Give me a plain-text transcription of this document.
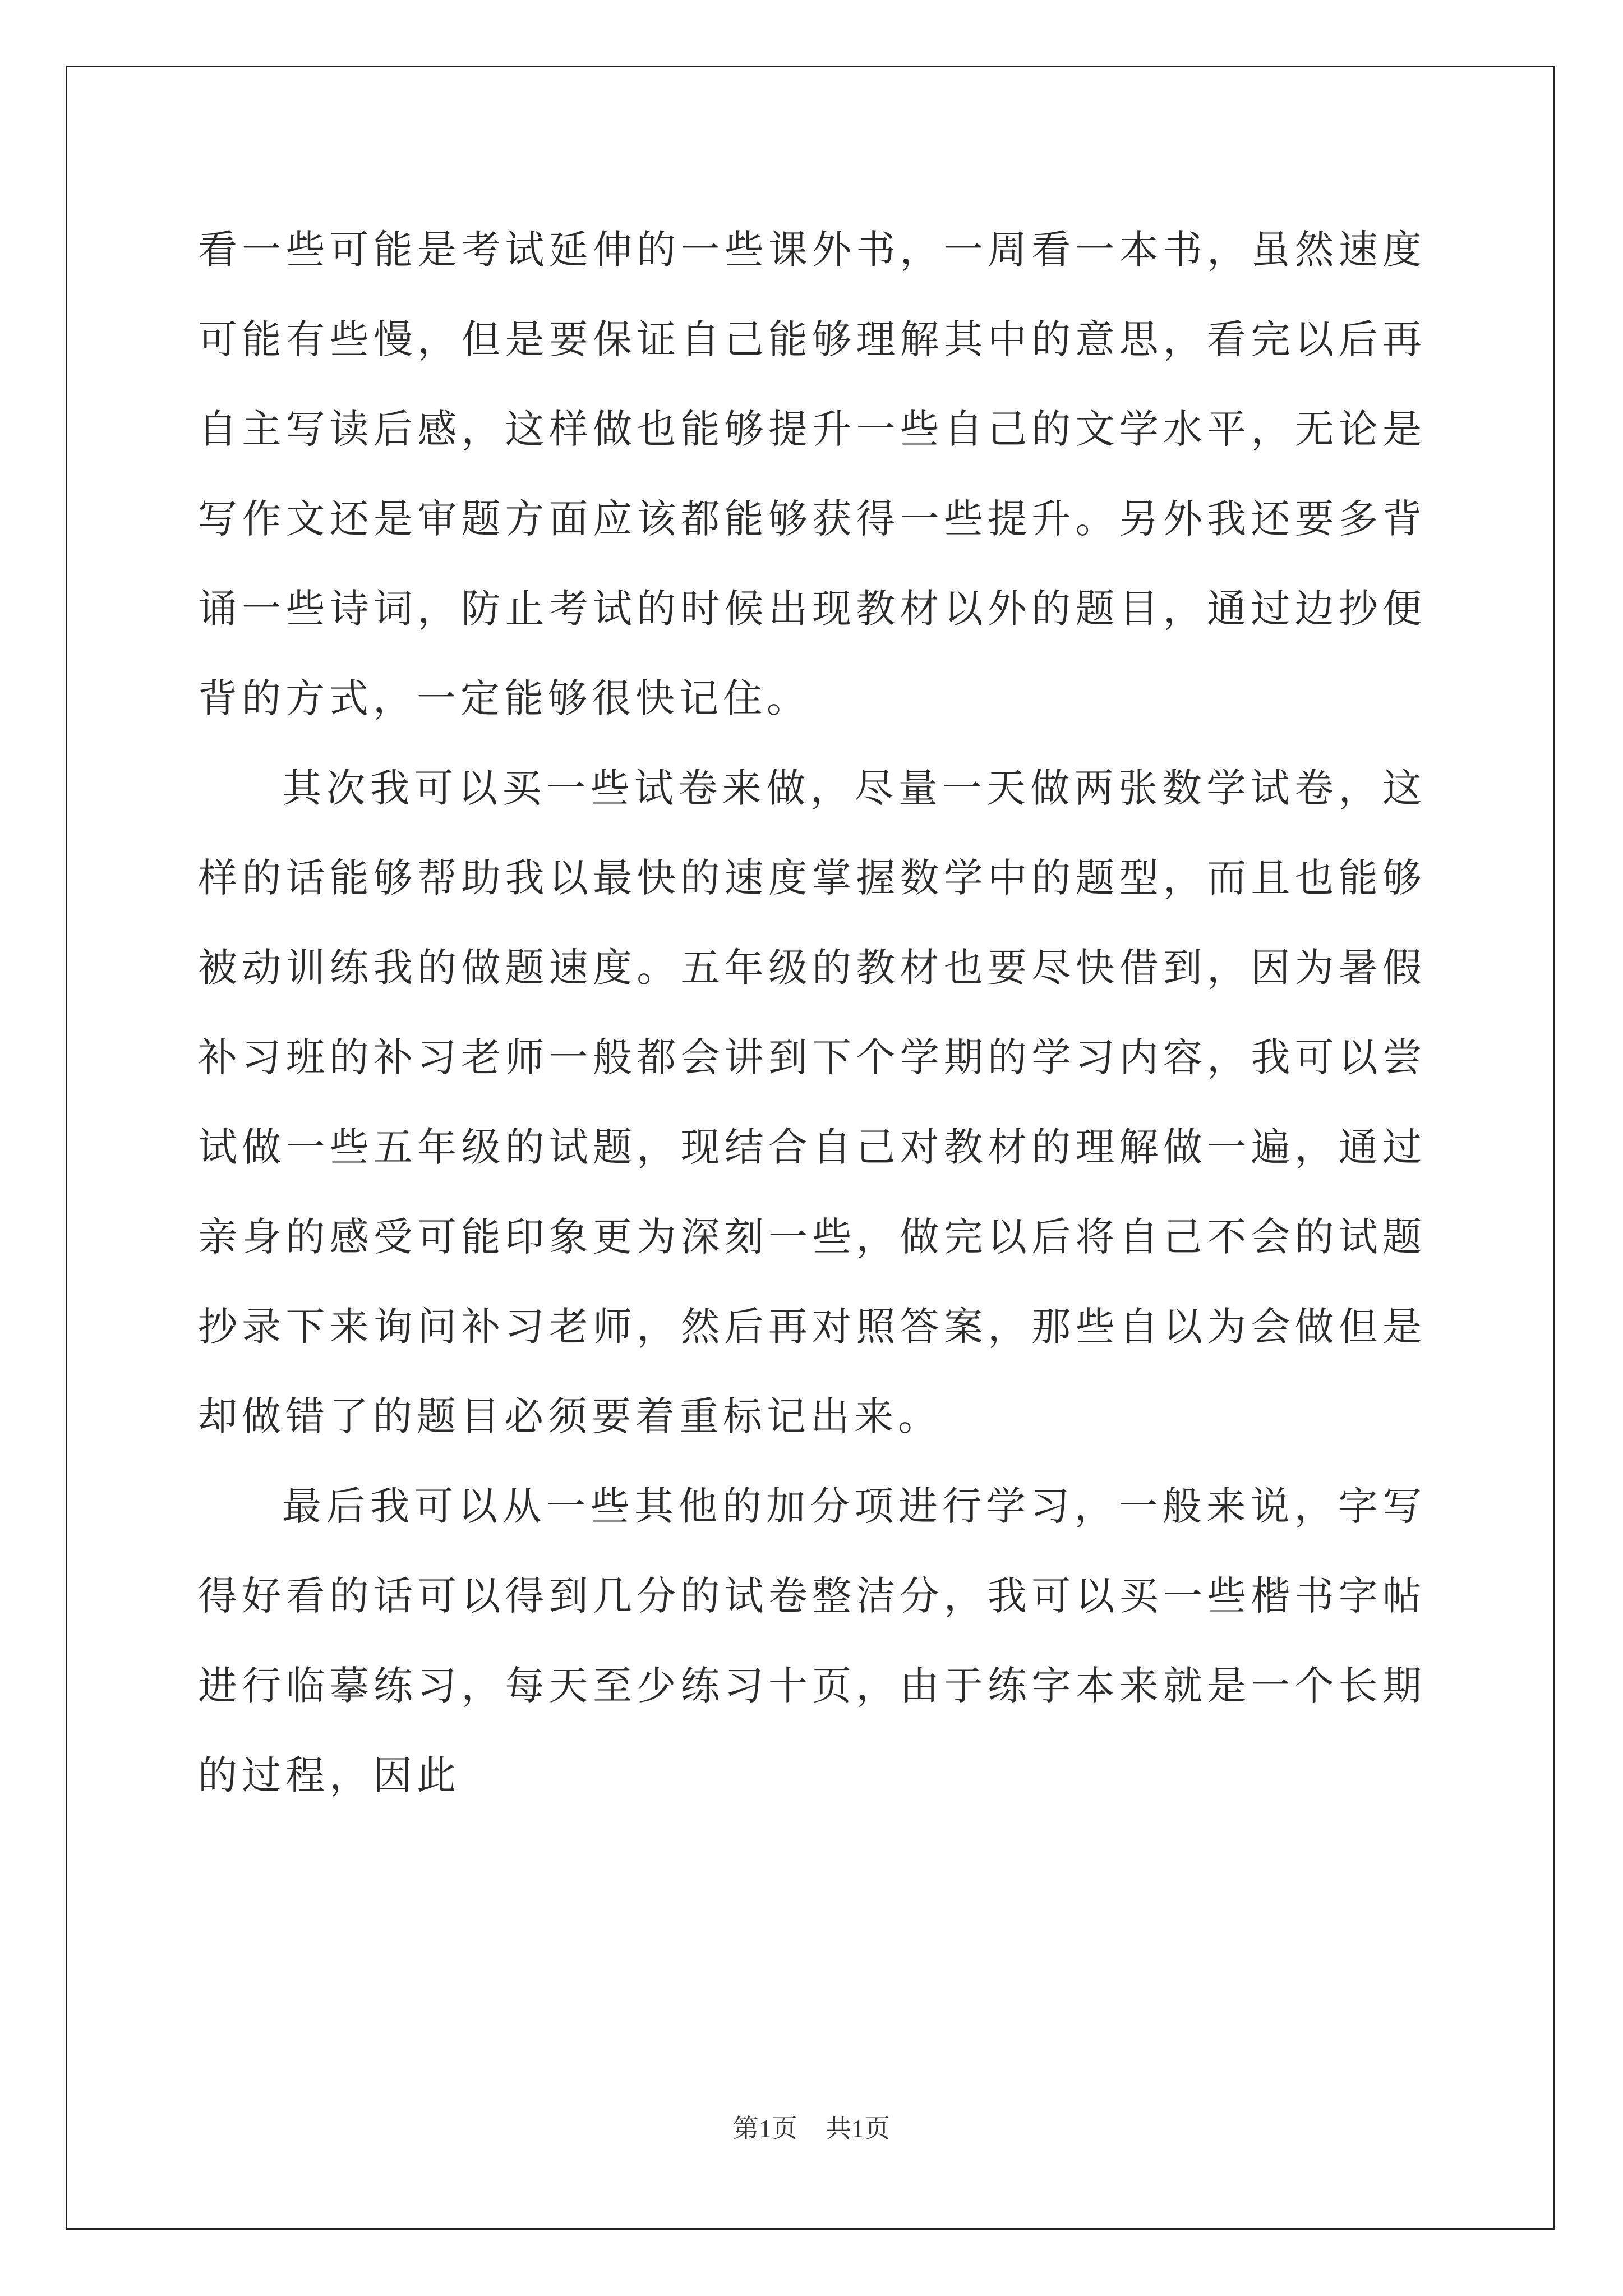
看一些可能是考试延伸的一些课外书，一周看一本书，虽然速度可能有些慢，但是要保证自己能够理解其中的意思，看完以后再自主写读后感，这样做也能够提升一些自己的文学水平，无论是写作文还是审题方面应该都能够获得一些提升。另外我还要多背诵一些诗词，防止考试的时候出现教材以外的题目，通过边抄便背的方式，一定能够很快记住。

其次我可以买一些试卷来做，尽量一天做两张数学试卷，这样的话能够帮助我以最快的速度掌握数学中的题型，而且也能够被动训练我的做题速度。五年级的教材也要尽快借到，因为暑假补习班的补习老师一般都会讲到下个学期的学习内容，我可以尝试做一些五年级的试题，现结合自己对教材的理解做一遍，通过亲身的感受可能印象更为深刻一些，做完以后将自己不会的试题抄录下来询问补习老师，然后再对照答案，那些自以为会做但是却做错了的题目必须要着重标记出来。

最后我可以从一些其他的加分项进行学习，一般来说，字写得好看的话可以得到几分的试卷整洁分，我可以买一些楷书字帖进行临摹练习，每天至少练习十页，由于练字本来就是一个长期的过程，因此

第1页 共1页
